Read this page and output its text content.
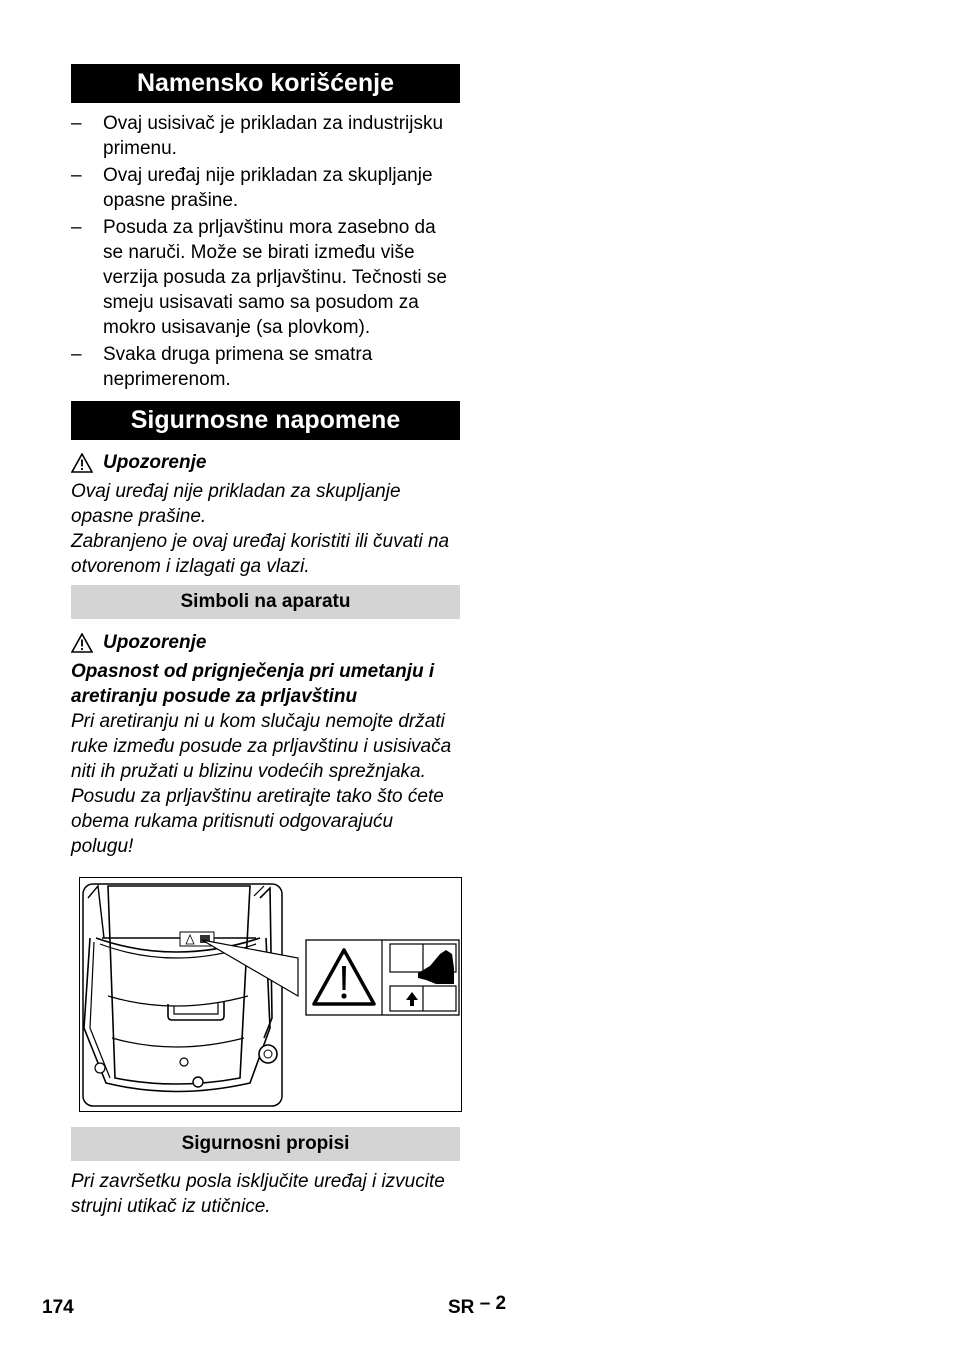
Namensko korišćenje
– Ovaj usisivač je prikladan za industrijsku primenu.
– Ovaj uređaj nije prikladan za skupljanje opasne prašine.
– Posuda za prljavštinu mora zasebno da se naruči. Može se birati između više verzija posuda za prljavštinu. Tečnosti se smeju usisavati samo sa posudom za mokro usisavanje (sa plovkom).
– Svaka druga primena se smatra neprimerenom.
Sigurnosne napomene
Upozorenje

Ovaj uređaj nije prikladan za skupljanje opasne prašine.

Zabranjeno je ovaj uređaj koristiti ili čuvati na otvorenom i izlagati ga vlazi.

Simboli na aparatu
Upozorenje

Opasnost od prignječenja pri umetanju i aretiranju posude za prljavštinu

Pri aretiranju ni u kom slučaju nemojte držati ruke između posude za prljavštinu i usisivača niti ih pružati u blizinu vodećih sprežnjaka. Posudu za prljavštinu aretirajte tako što ćete obema rukama pritisnuti odgovarajuću polugu!

Sigurnosni propisi

Pri završetku posla isključite uređaj i izvucite strujni utikač iz utičnice.

174	SR – 2
